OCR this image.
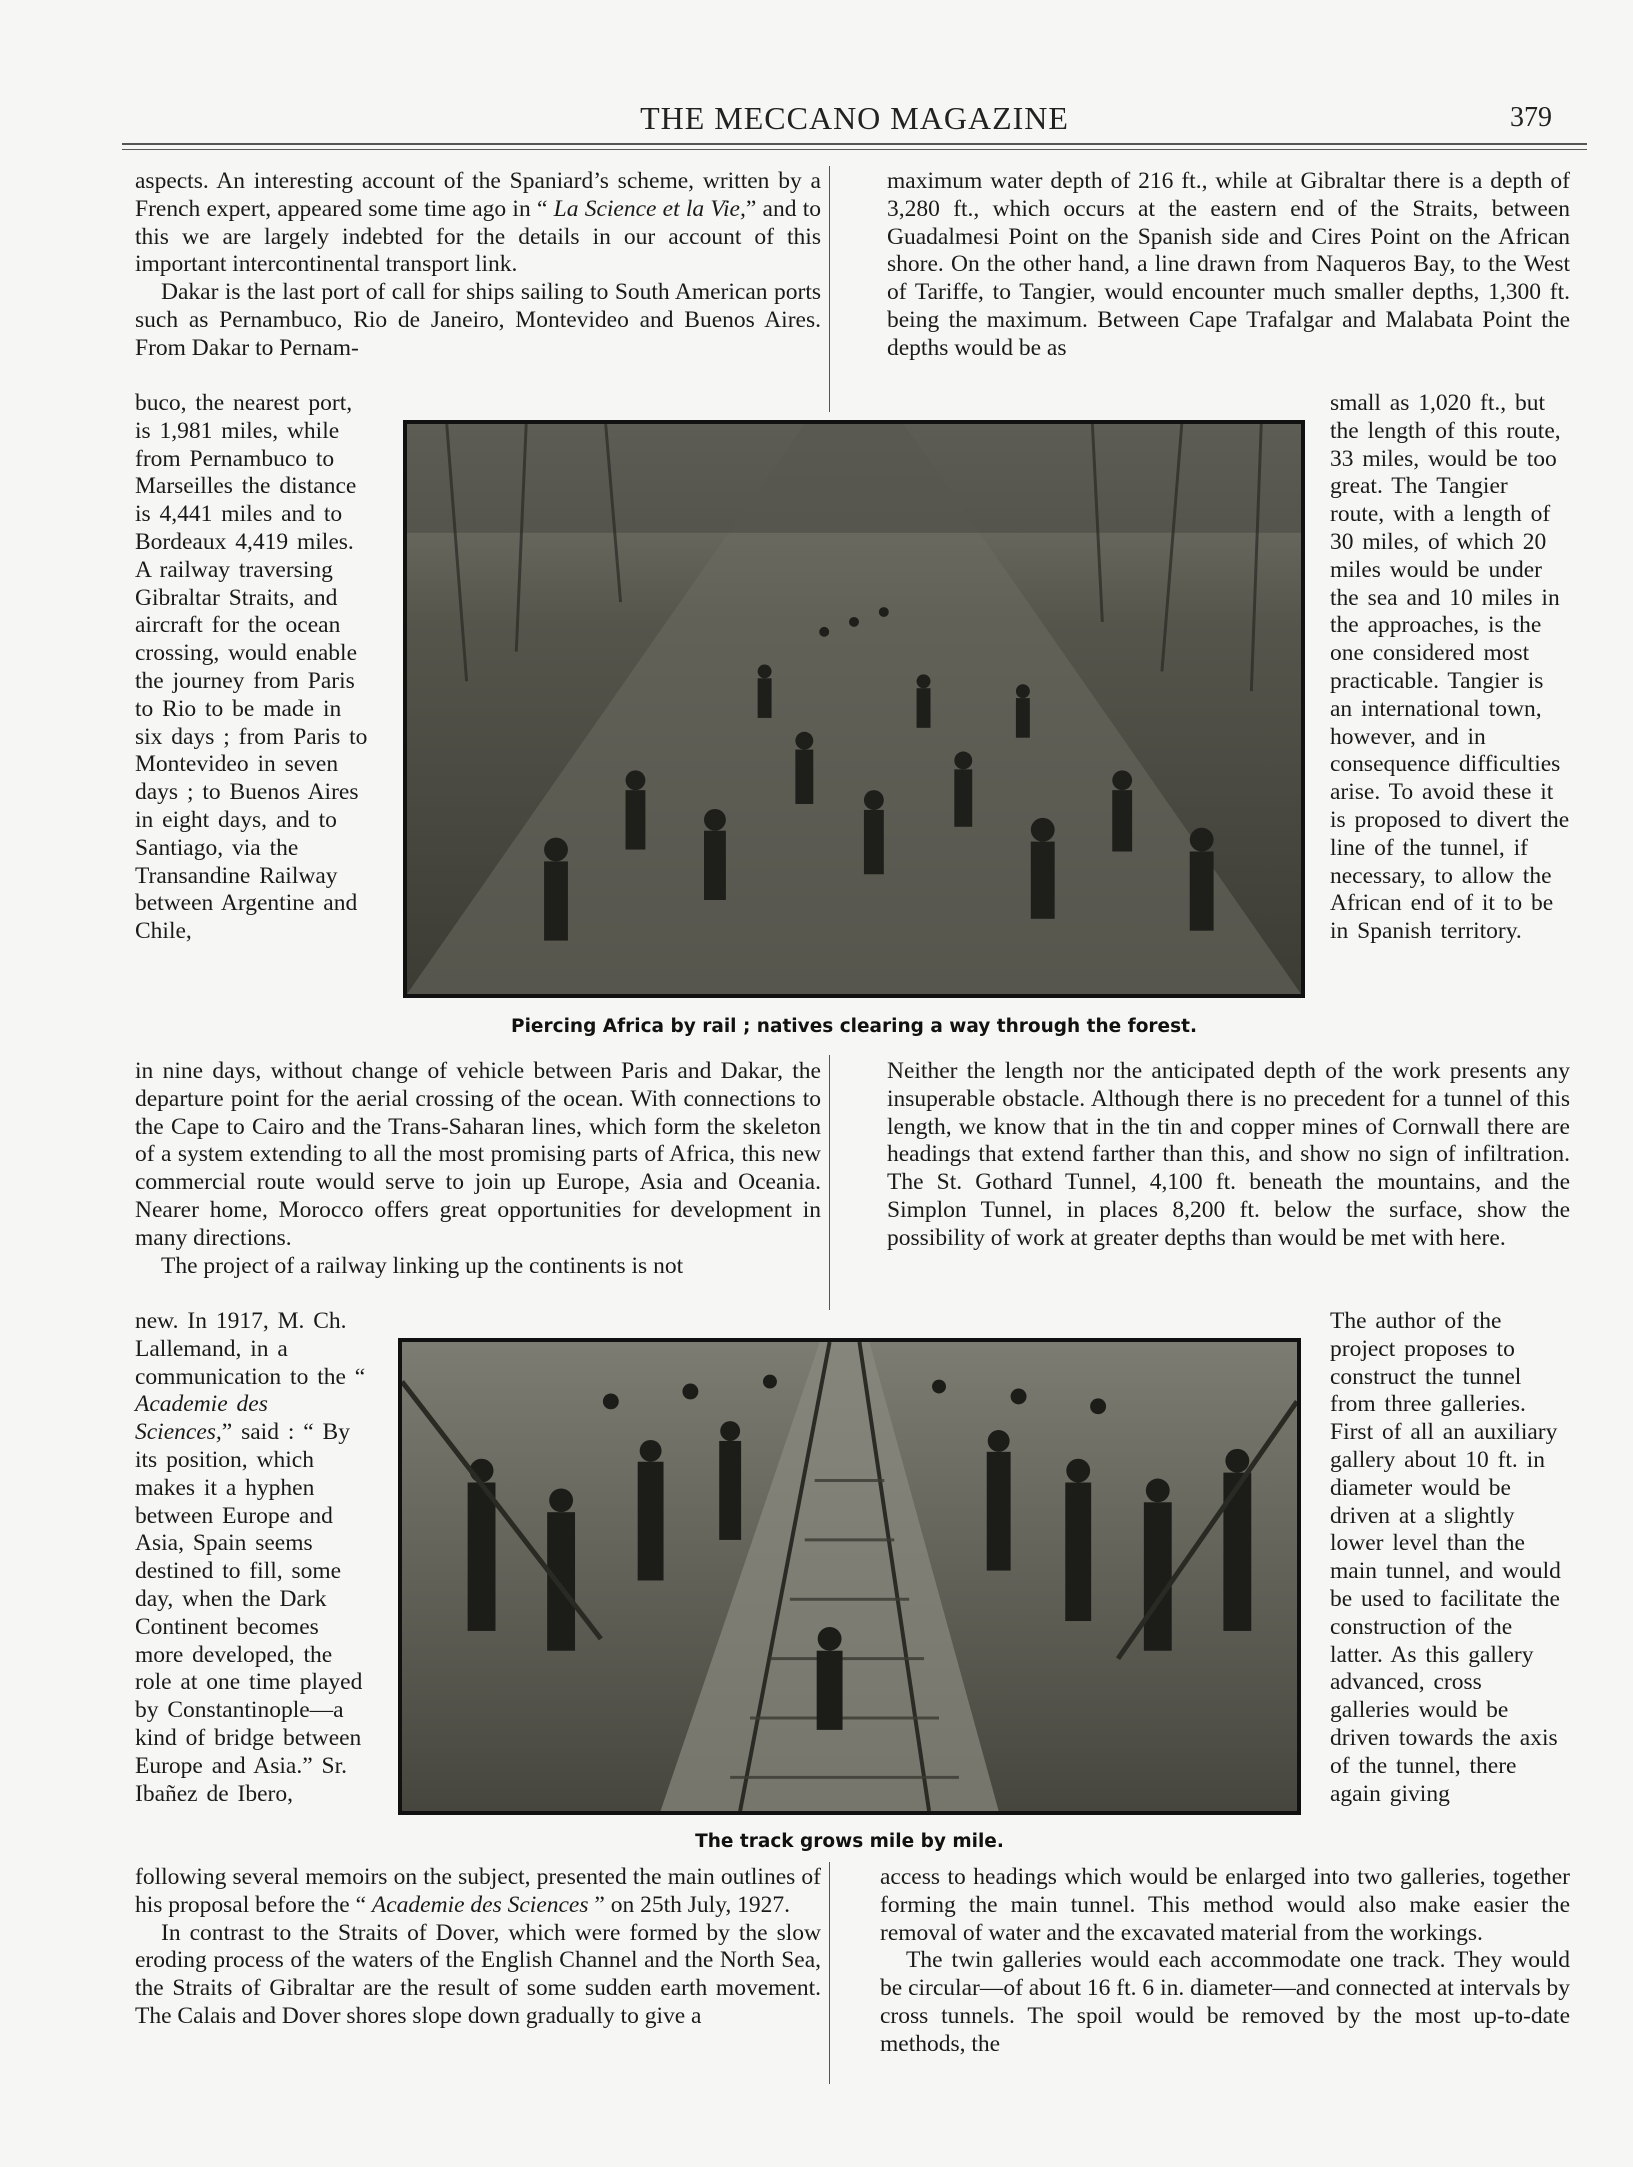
THE MECCANO MAGAZINE	379

aspects. An interesting account of the Spaniard’s scheme, written by a French expert, appeared some time ago in “ La Science et la Vie,” and to this we are largely indebted for the details in our account of this important intercontinental transport link.

Dakar is the last port of call for ships sailing to South American ports such as Pernambuco, Rio de Janeiro, Montevideo and Buenos Aires. From Dakar to Pernam-

buco, the nearest port, is 1,981 miles, while from Pernambuco to Marseilles the distance is 4,441 miles and to Bordeaux 4,419 miles. A railway traversing Gibraltar Straits, and aircraft for the ocean crossing, would enable the journey from Paris to Rio to be made in six days ; from Paris to Montevideo in seven days ; to Buenos Aires in eight days, and to Santiago, via the Transandine Railway between Argentine and Chile,

in nine days, without change of vehicle between Paris and Dakar, the departure point for the aerial crossing of the ocean. With connections to the Cape to Cairo and the Trans-Saharan lines, which form the skeleton of a system extending to all the most promising parts of Africa, this new commercial route would serve to join up Europe, Asia and Oceania. Nearer home, Morocco offers great opportunities for development in many directions.

The project of a railway linking up the continents is not

new. In 1917, M. Ch. Lallemand, in a communication to the “ Academie des Sciences,” said : “ By its position, which makes it a hyphen between Europe and Asia, Spain seems destined to fill, some day, when the Dark Continent becomes more developed, the role at one time played by Constantinople—a kind of bridge between Europe and Asia.” Sr. Ibañez de Ibero,

following several memoirs on the subject, presented the main outlines of his proposal before the “ Academie des Sciences ” on 25th July, 1927.

In contrast to the Straits of Dover, which were formed by the slow eroding process of the waters of the English Channel and the North Sea, the Straits of Gibraltar are the result of some sudden earth movement. The Calais and Dover shores slope down gradually to give a

maximum water depth of 216 ft., while at Gibraltar there is a depth of 3,280 ft., which occurs at the eastern end of the Straits, between Guadalmesi Point on the Spanish side and Cires Point on the African shore. On the other hand, a line drawn from Naqueros Bay, to the West of Tariffe, to Tangier, would encounter much smaller depths, 1,300 ft. being the maximum. Between Cape Trafalgar and Malabata Point the depths would be as

small as 1,020 ft., but the length of this route, 33 miles, would be too great. The Tangier route, with a length of 30 miles, of which 20 miles would be under the sea and 10 miles in the approaches, is the one considered most practicable. Tangier is an international town, however, and in consequence difficulties arise. To avoid these it is proposed to divert the line of the tunnel, if necessary, to allow the African end of it to be in Spanish territory.

Neither the length nor the anticipated depth of the work presents any insuperable obstacle. Although there is no precedent for a tunnel of this length, we know that in the tin and copper mines of Cornwall there are headings that extend farther than this, and show no sign of infiltration. The St. Gothard Tunnel, 4,100 ft. beneath the mountains, and the Simplon Tunnel, in places 8,200 ft. below the surface, show the possibility of work at greater depths than would be met with here.

The author of the project proposes to construct the tunnel from three galleries. First of all an auxiliary gallery about 10 ft. in diameter would be driven at a slightly lower level than the main tunnel, and would be used to facilitate the construction of the latter. As this gallery advanced, cross galleries would be driven towards the axis of the tunnel, there again giving

access to headings which would be enlarged into two galleries, together forming the main tunnel. This method would also make easier the removal of water and the excavated material from the workings.

The twin galleries would each accommodate one track. They would be circular—of about 16 ft. 6 in. diameter—and connected at intervals by cross tunnels. The spoil would be removed by the most up-to-date methods, the

Piercing Africa by rail ; natives clearing a way through the forest.
The track grows mile by mile.
